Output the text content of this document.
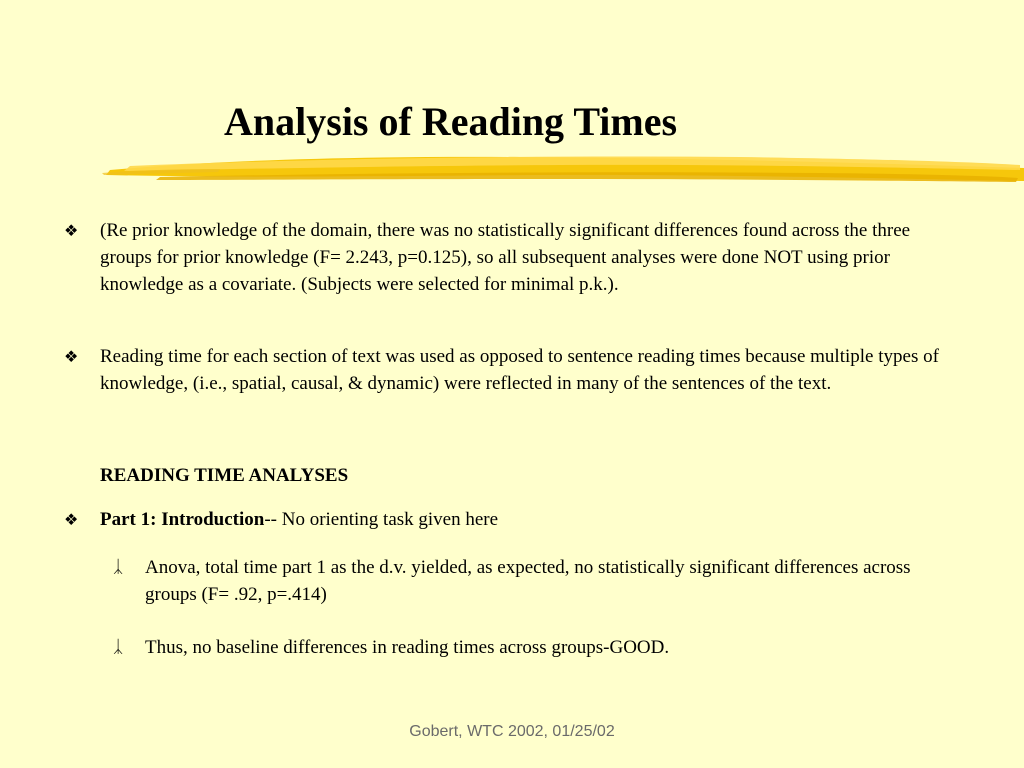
Analysis of Reading Times
❖ (Re prior knowledge of the domain, there was no statistically significant differences found across the three groups for prior knowledge (F= 2.243, p=0.125), so all subsequent analyses were done NOT using prior knowledge as a covariate. (Subjects were selected for minimal p.k.).
❖ Reading time for each section of text was used as opposed to sentence reading times because multiple types of knowledge, (i.e., spatial, causal, & dynamic) were reflected in many of the sentences of the text.
READING TIME ANALYSES
❖ Part 1: Introduction-- No orienting task given here
ᛣ Anova, total time part 1 as the d.v. yielded, as expected, no statistically significant differences across groups (F= .92, p=.414)
ᛣ Thus, no baseline differences in reading times across groups-GOOD.
Gobert, WTC 2002, 01/25/02
